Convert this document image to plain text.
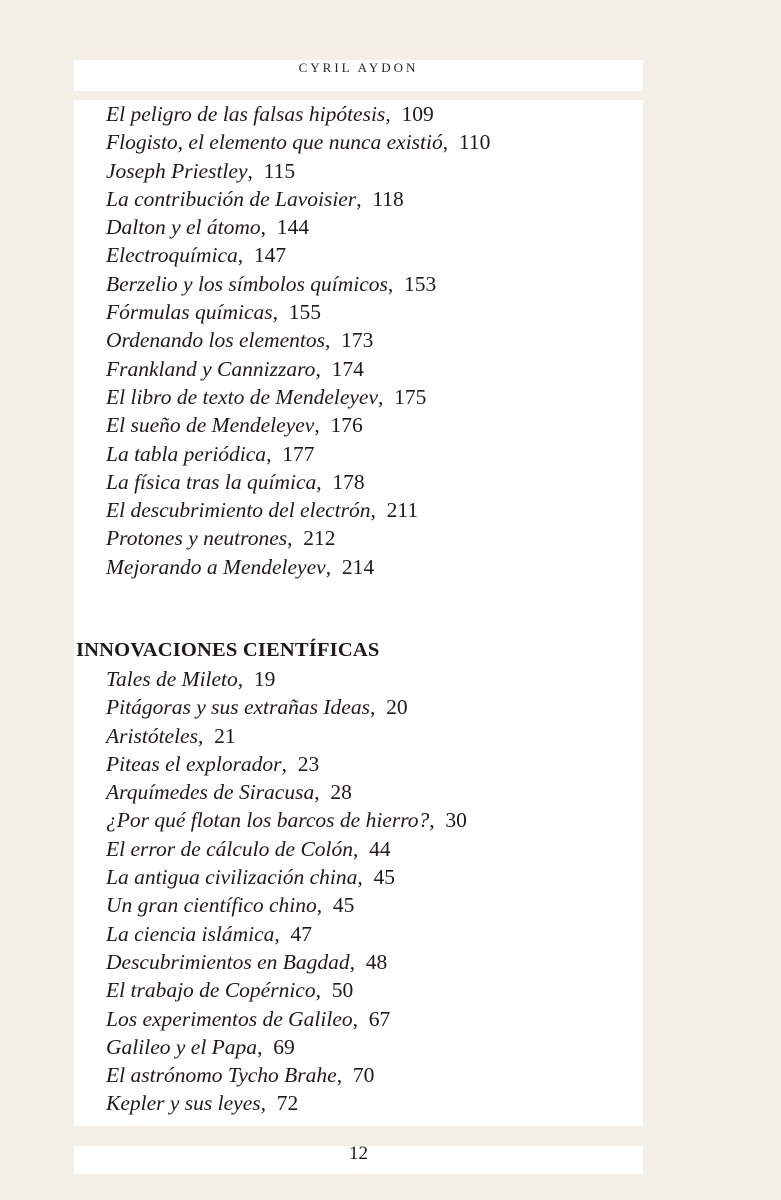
CYRIL AYDON
El peligro de las falsas hipótesis,  109
Flogisto, el elemento que nunca existió,  110
Joseph Priestley,  115
La contribución de Lavoisier,  118
Dalton y el átomo,  144
Electroquímica,  147
Berzelio y los símbolos químicos,  153
Fórmulas químicas,  155
Ordenando los elementos,  173
Frankland y Cannizzaro,  174
El libro de texto de Mendeleyev,  175
El sueño de Mendeleyev,  176
La tabla periódica,  177
La física tras la química,  178
El descubrimiento del electrón,  211
Protones y neutrones,  212
Mejorando a Mendeleyev,  214
INNOVACIONES CIENTÍFICAS
Tales de Mileto,  19
Pitágoras y sus extrañas Ideas,  20
Aristóteles,  21
Piteas el explorador,  23
Arquímedes de Siracusa,  28
¿Por qué flotan los barcos de hierro?,  30
El error de cálculo de Colón,  44
La antigua civilización china,  45
Un gran científico chino,  45
La ciencia islámica,  47
Descubrimientos en Bagdad,  48
El trabajo de Copérnico,  50
Los experimentos de Galileo,  67
Galileo y el Papa,  69
El astrónomo Tycho Brahe,  70
Kepler y sus leyes,  72
12
